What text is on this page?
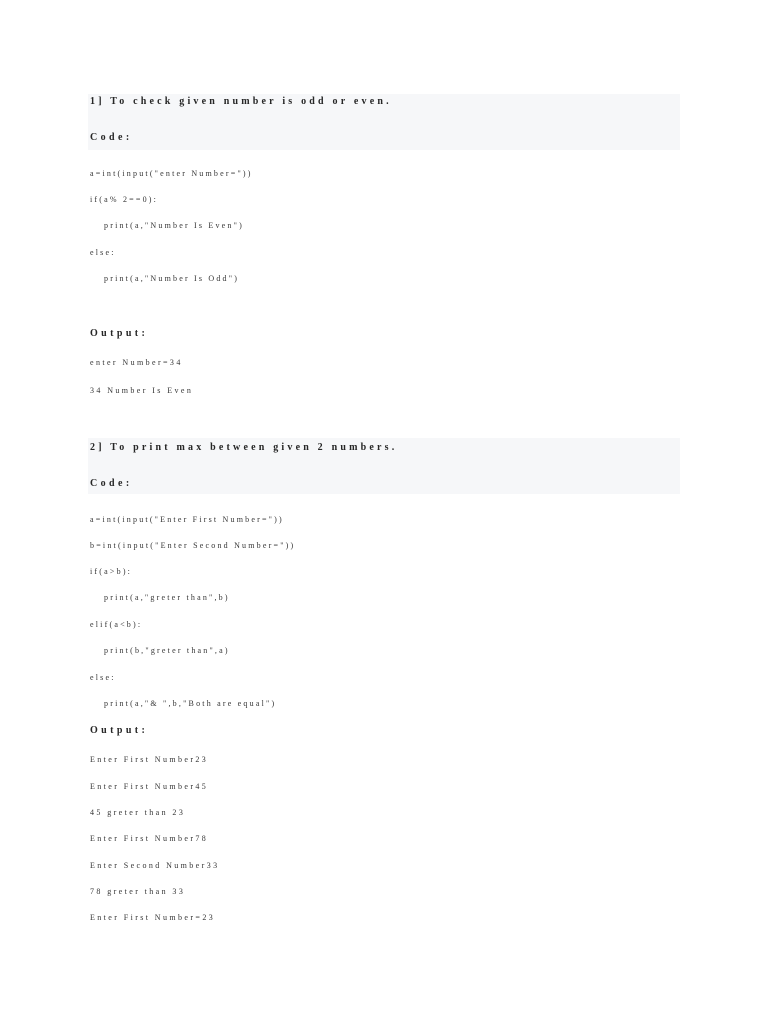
1] To check given number is odd or even.
Code:
a=int(input("enter Number="))
if(a% 2==0):
print(a,"Number Is Even")
else:
print(a,"Number Is Odd")
Output:
enter Number=34
34 Number Is Even
2] To print max between given 2 numbers.
Code:
a=int(input("Enter First Number="))
b=int(input("Enter Second Number="))
if(a>b):
print(a,"greter than",b)
elif(a<b):
print(b,"greter than",a)
else:
print(a,"& ",b,"Both are equal")
Output:
Enter First Number23
Enter First Number45
45 greter than 23
Enter First Number78
Enter Second Number33
78 greter than 33
Enter First Number=23
